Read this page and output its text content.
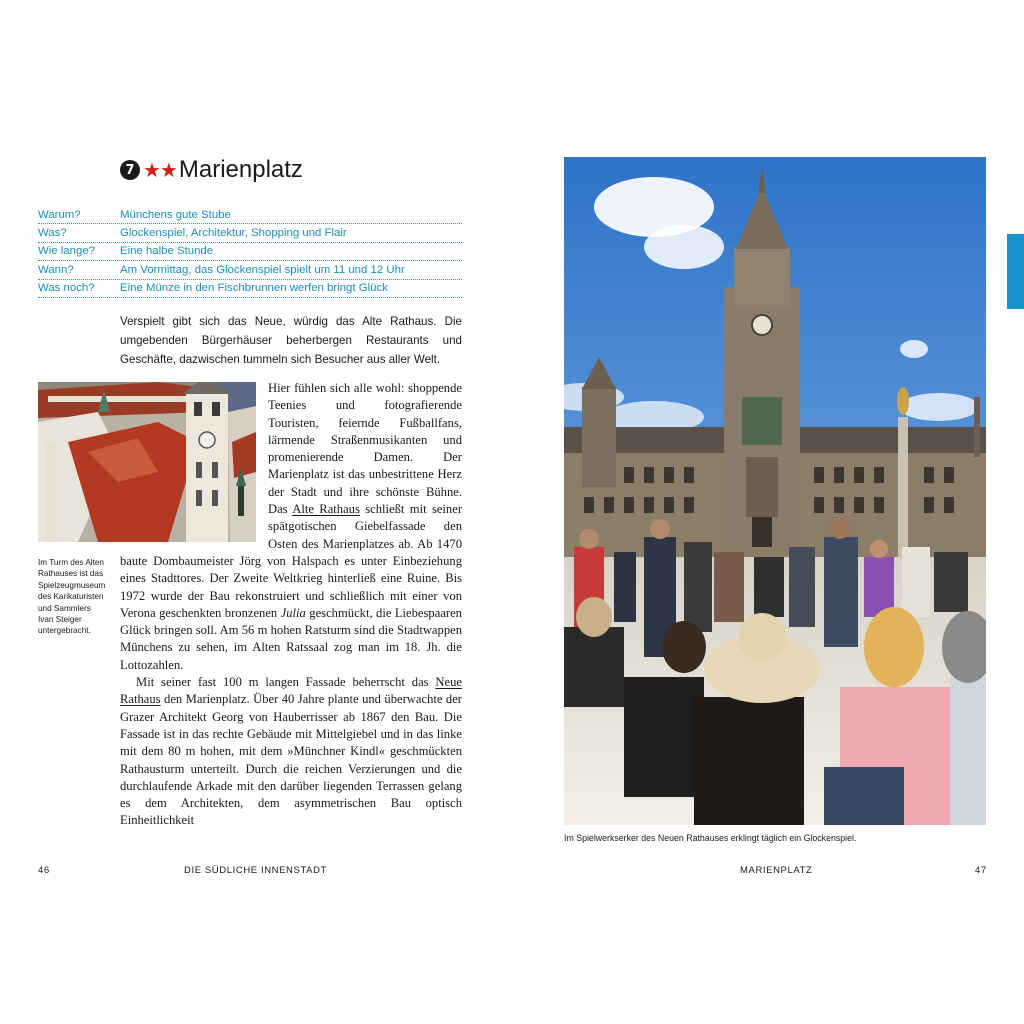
7 ★★ Marienplatz
Warum?	Münchens gute Stube
Was?	Glockenspiel, Architektur, Shopping und Flair
Wie lange?	Eine halbe Stunde
Wann?	Am Vormittag, das Glockenspiel spielt um 11 und 12 Uhr
Was noch?	Eine Münze in den Fischbrunnen werfen bringt Glück
Verspielt gibt sich das Neue, würdig das Alte Rathaus. Die umgebenden Bürgerhäuser beherbergen Restaurants und Geschäfte, dazwischen tummeln sich Besucher aus aller Welt.
Im Turm des Alten Rathauses ist das Spielzeugmuseum des Karikaturisten und Sammlers Ivan Steiger untergebracht.

Hier fühlen sich alle wohl: shoppende Teenies und fotografierende Touristen, feiernde Fußballfans, lärmende Straßenmusikanten und promenierende Damen. Der Marienplatz ist das unbestrittene Herz der Stadt und ihre schönste Bühne. Das Alte Rathaus schließt mit seiner spätgotischen Giebelfassade den Osten des Marienplatzes ab. Ab 1470 baute Dombaumeister Jörg von Halspach es unter Einbeziehung eines Stadttores. Der Zweite Weltkrieg hinterließ eine Ruine. Bis 1972 wurde der Bau rekonstruiert und schließlich mit einer von Verona geschenkten bronzenen Julia geschmückt, die Liebespaaren Glück bringen soll. Am 56 m hohen Ratsturm sind die Stadtwappen Münchens zu sehen, im Alten Ratssaal zog man im 18. Jh. die Lottozahlen.

Mit seiner fast 100 m langen Fassade beherrscht das Neue Rathaus den Marienplatz. Über 40 Jahre plante und überwachte der Grazer Architekt Georg von Hauberrisser ab 1867 den Bau. Die Fassade ist in das rechte Gebäude mit Mittelgiebel und in das linke mit dem 80 m hohen, mit dem »Münchner Kindl« geschmückten Rathausturm unterteilt. Durch die reichen Verzierungen und die durchlaufende Arkade mit den darüber liegenden Terrassen gelang es dem Architekten, dem asymmetrischen Bau optisch Einheitlichkeit

Im Spielwerkserker des Neuen Rathauses erklingt täglich ein Glockenspiel.
46	DIE SÜDLICHE INNENSTADT	MARIENPLATZ	47
